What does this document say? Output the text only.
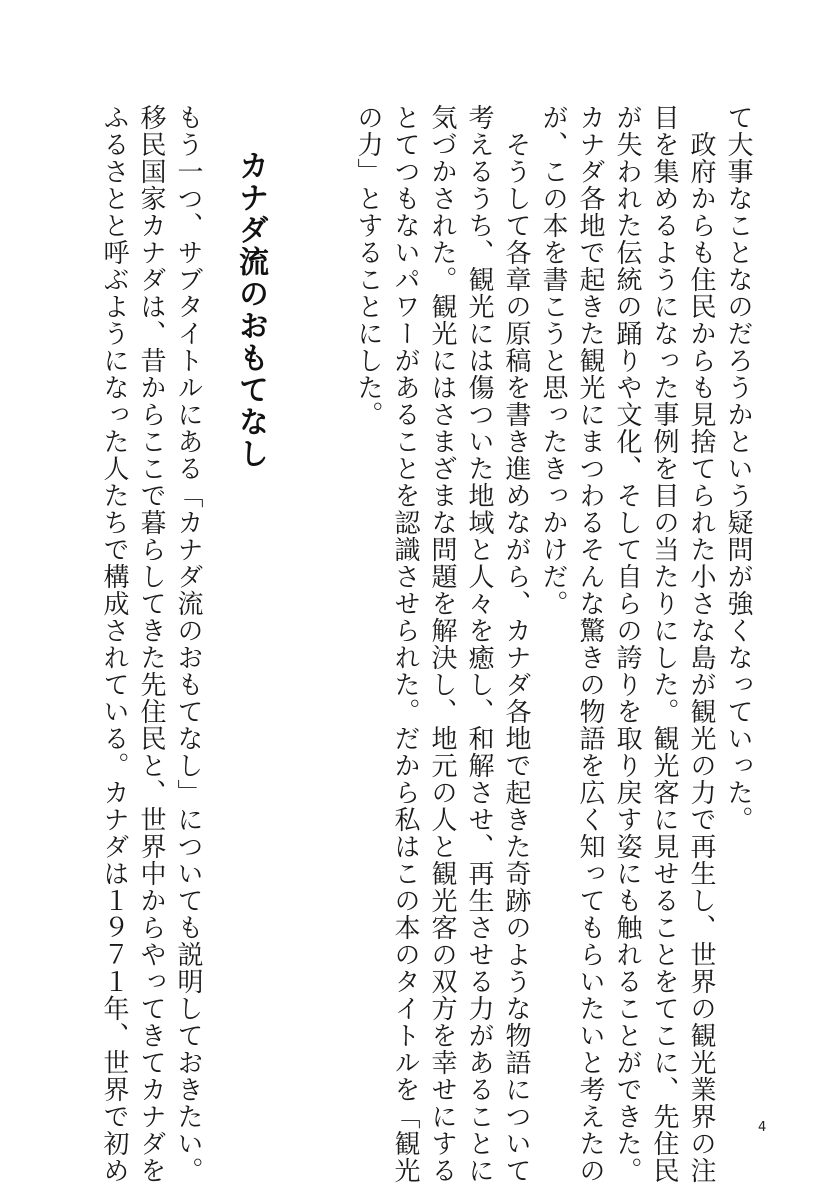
て大事なことなのだろうかという疑問が強くなっていった。
　政府からも住民からも見捨てられた小さな島が観光の力で再生し、世界の観光業界の注
目を集めるようになった事例を目の当たりにした。観光客に見せることをてこに、先住民
が失われた伝統の踊りや文化、そして自らの誇りを取り戻す姿にも触れることができた。
カナダ各地で起きた観光にまつわるそんな驚きの物語を広く知ってもらいたいと考えたの
が、この本を書こうと思ったきっかけだ。
　そうして各章の原稿を書き進めながら、カナダ各地で起きた奇跡のような物語について
考えるうち、観光には傷ついた地域と人々を癒し、和解させ、再生させる力があることに
気づかされた。観光にはさまざまな問題を解決し、地元の人と観光客の双方を幸せにする
とてつもないパワーがあることを認識させられた。だから私はこの本のタイトルを「観光
の力」とすることにした。
カナダ流のおもてなし
もう一つ、サブタイトルにある「カナダ流のおもてなし」についても説明しておきたい。
移民国家カナダは、昔からここで暮らしてきた先住民と、世界中からやってきてカナダを
ふるさとと呼ぶようになった人たちで構成されている。カナダは１９７１年、世界で初め	4
